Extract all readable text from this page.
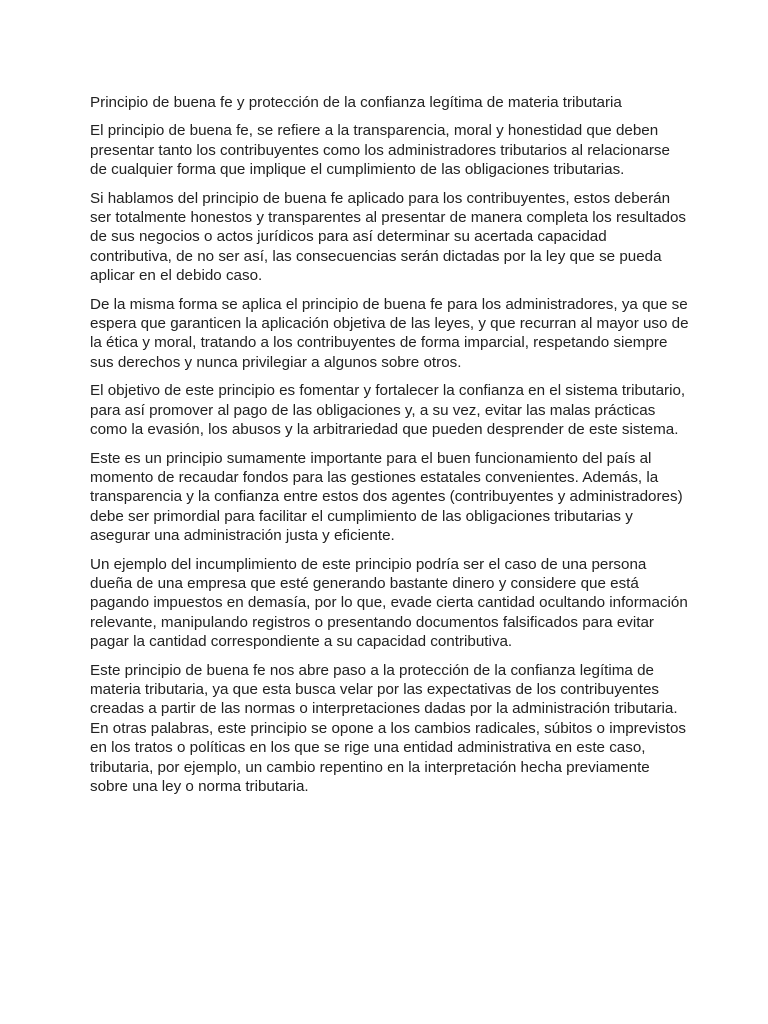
Principio de buena fe y protección de la confianza legítima de materia tributaria

El principio de buena fe, se refiere a la transparencia, moral y honestidad que deben presentar tanto los contribuyentes como los administradores tributarios al relacionarse de cualquier forma que implique el cumplimiento de las obligaciones tributarias.

Si hablamos del principio de buena fe aplicado para los contribuyentes, estos deberán ser totalmente honestos y transparentes al presentar de manera completa los resultados de sus negocios o actos jurídicos para así determinar su acertada capacidad contributiva, de no ser así, las consecuencias serán dictadas por la ley que se pueda aplicar en el debido caso.

De la misma forma se aplica el principio de buena fe para los administradores, ya que se espera que garanticen la aplicación objetiva de las leyes, y que recurran al mayor uso de la ética y moral, tratando a los contribuyentes de forma imparcial, respetando siempre sus derechos y nunca privilegiar a algunos sobre otros.

El objetivo de este principio es fomentar y fortalecer la confianza en el sistema tributario, para así promover al pago de las obligaciones y, a su vez, evitar las malas prácticas como la evasión, los abusos y la arbitrariedad que pueden desprender de este sistema.

Este es un principio sumamente importante para el buen funcionamiento del país al momento de recaudar fondos para las gestiones estatales convenientes. Además, la transparencia y la confianza entre estos dos agentes (contribuyentes y administradores) debe ser primordial para facilitar el cumplimiento de las obligaciones tributarias y asegurar una administración justa y eficiente.

Un ejemplo del incumplimiento de este principio podría ser el caso de una persona dueña de una empresa que esté generando bastante dinero y considere que está pagando impuestos en demasía, por lo que, evade cierta cantidad ocultando información relevante, manipulando registros o presentando documentos falsificados para evitar pagar la cantidad correspondiente a su capacidad contributiva.

Este principio de buena fe nos abre paso a la protección de la confianza legítima de materia tributaria, ya que esta busca velar por las expectativas de los contribuyentes creadas a partir de las normas o interpretaciones dadas por la administración tributaria. En otras palabras, este principio se opone a los cambios radicales, súbitos o imprevistos en los tratos o políticas en los que se rige una entidad administrativa en este caso, tributaria, por ejemplo, un cambio repentino en la interpretación hecha previamente sobre una ley o norma tributaria.
